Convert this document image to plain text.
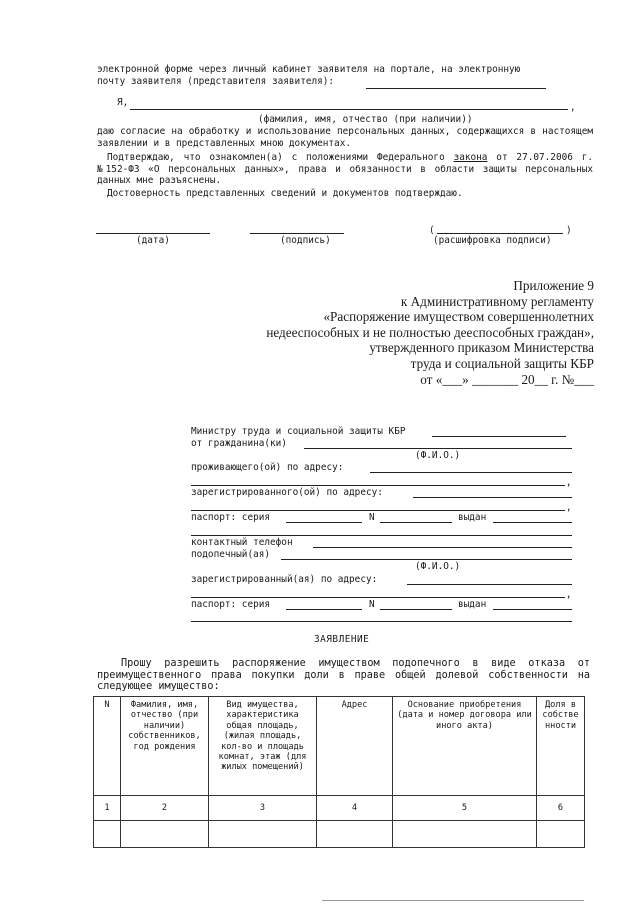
электронной форме через личный кабинет заявителя на портале, на электронную
почту заявителя (представителя заявителя):
Я,	,
(фамилия, имя, отчество (при наличии))
даю согласие на обработку и использование персональных данных, содержащихся в настоящем заявлении и в представленных мною документах.
Подтверждаю, что ознакомлен(а) с положениями Федерального закона от 27.07.2006 г. №152-ФЗ «О персональных данных», права и обязанности в области защиты персональных данных мне разъяснены.
Достоверность представленных сведений и документов подтверждаю.
(дата)	(подпись)
(	)
(расшифровка подписи)
Приложение 9
к Административному регламенту
«Распоряжение имуществом совершеннолетних
недееспособных и не полностью дееспособных граждан»,
утвержденного приказом Министерства
труда и социальной защиты КБР
от «___» _______ 20__ г. №___
Министру труда и социальной защиты КБР
от гражданина(ки)
(Ф.И.О.)
проживающего(ой) по адресу:
,
зарегистрированного(ой) по адресу:
,
паспорт: серия	N	выдан
контактный телефон
подопечный(ая)
(Ф.И.О.)
зарегистрированный(ая) по адресу:
,
паспорт: серия	N	выдан
ЗАЯВЛЕНИЕ
Прошу разрешить распоряжение имуществом подопечного в виде отказа от преимущественного права покупки доли в праве общей долевой собственности на следующее имущество:
N	Фамилия, имя, отчество (при наличии) собственников, год рождения	Вид имущества, характеристика общая площадь, (жилая площадь, кол-во и площадь комнат, этаж (для жилых помещений)	Адрес	Основание приобретения (дата и номер договора или иного акта)	Доля в собстве нности
1	2	3	4	5	6
